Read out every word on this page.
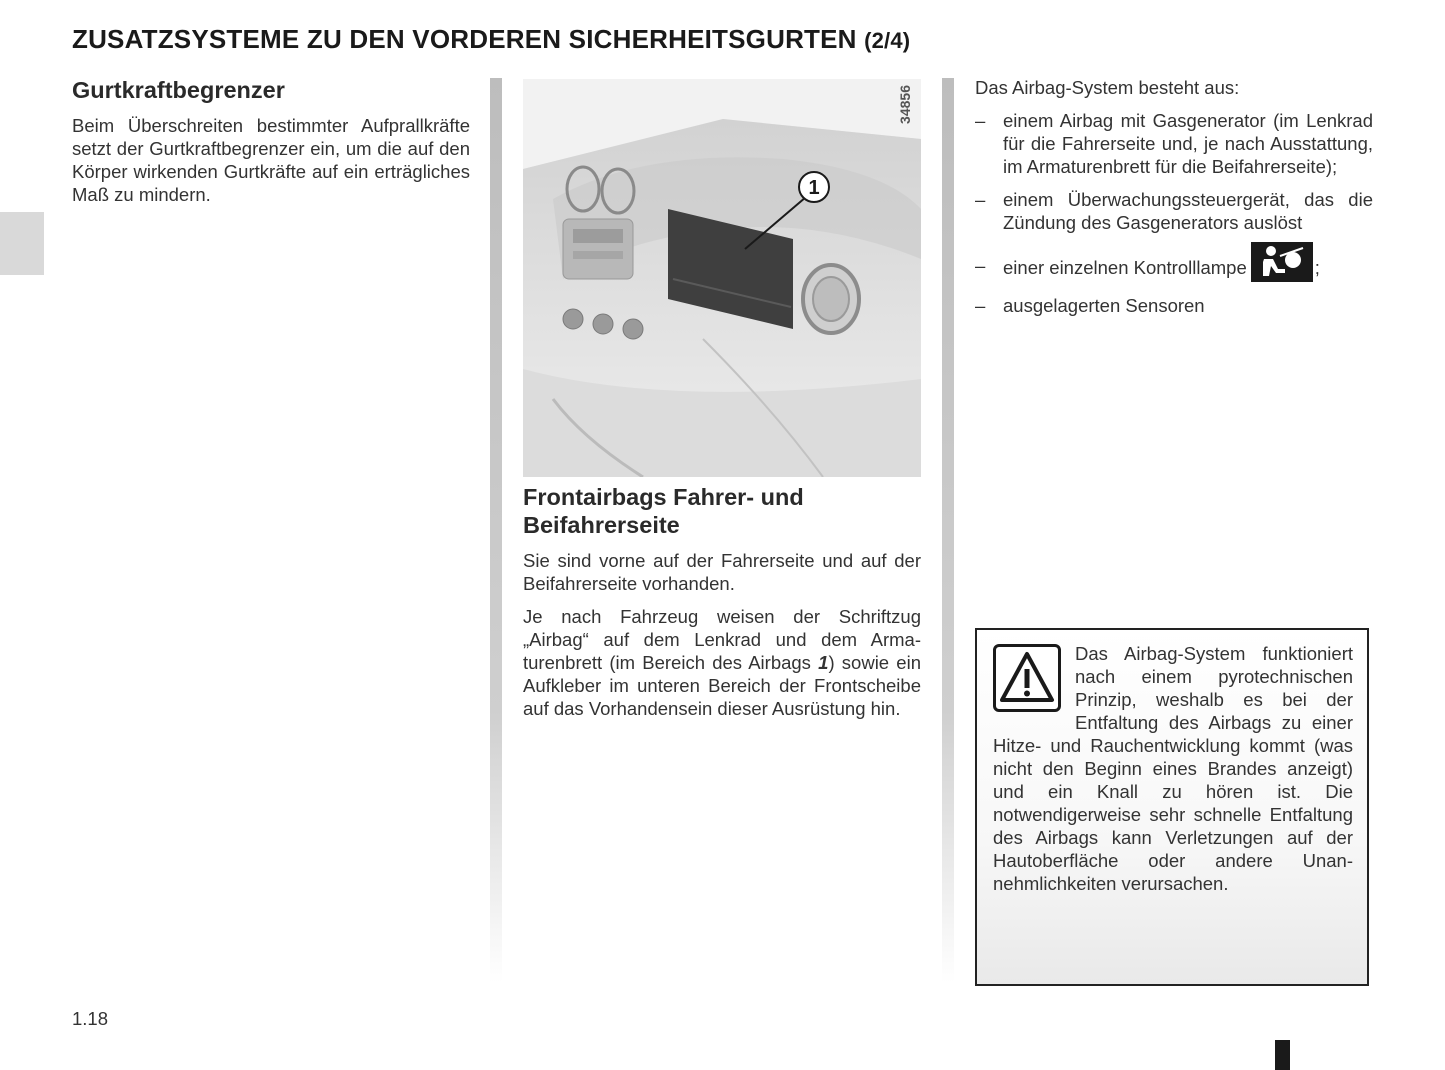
ZUSATZSYSTEME ZU DEN VORDEREN SICHERHEITSGURTEN (2/4)
Gurtkraftbegrenzer

Beim Überschreiten bestimmter Aufprallkräfte setzt der Gurtkraftbegrenzer ein, um die auf den Körper wirkenden Gurtkräfte auf ein erträgliches Maß zu mindern.	1
34856
Frontairbags Fahrer- und Beifahrerseite

Sie sind vorne auf der Fahrerseite und auf der Beifahrerseite vorhanden.

Je nach Fahrzeug weisen der Schriftzug „Airbag“ auf dem Lenkrad und dem Armaturenbrett (im Bereich des Airbags 1) sowie ein Aufkleber im unteren Bereich der Frontscheibe auf das Vorhandensein dieser Ausrüstung hin.

Das Airbag-System besteht aus:

– einem Airbag mit Gasgenerator (im Lenkrad für die Fahrerseite und, je nach Ausstattung, im Armaturenbrett für die Beifahrerseite);
– einem Überwachungssteuergerät, das die Zündung des Gasgenerators auslöst
– einer einzelnen Kontrolllampe	;
– ausgelagerten Sensoren

Das Airbag-System funktioniert nach einem pyrotechnischen Prinzip, weshalb es bei der Entfaltung des Airbags zu einer Hitze- und Rauchentwicklung kommt (was nicht den Beginn eines Brandes anzeigt) und ein Knall zu hören ist. Die notwendigerweise sehr schnelle Entfaltung des Airbags kann Verletzungen auf der Hautoberfläche oder andere Unannehmlichkeiten verursachen.

1.18
